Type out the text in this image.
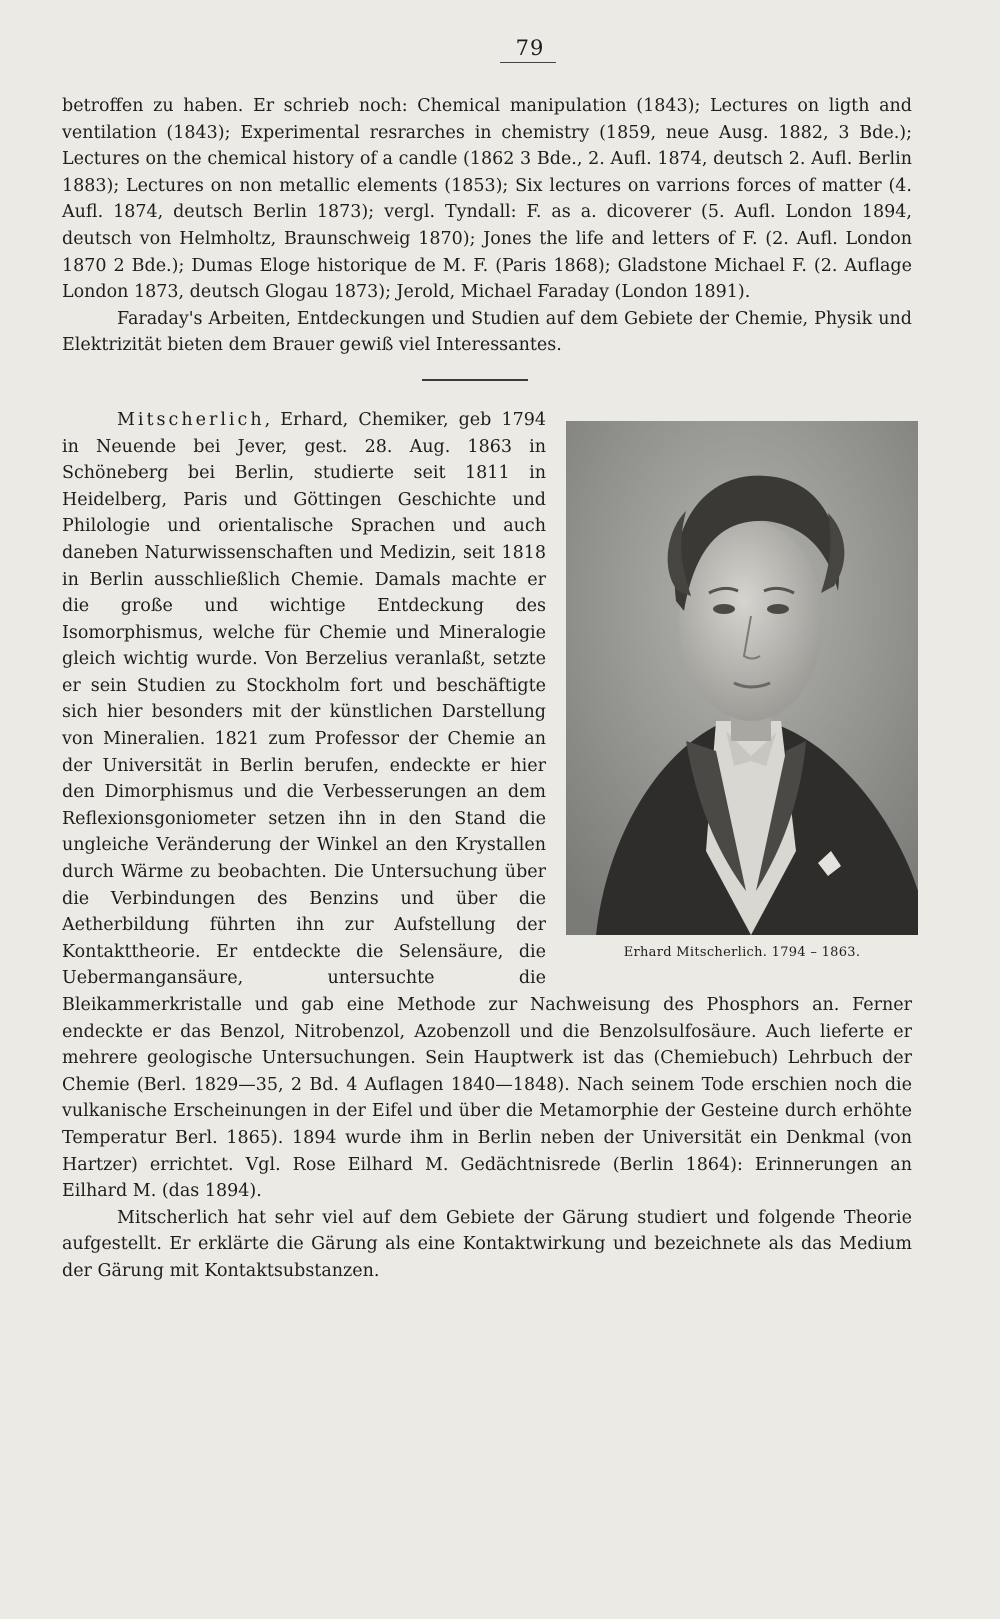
79

betroffen zu haben. Er schrieb noch: Chemical manipulation (1843); Lectures on ligth and ventilation (1843); Experimental resrarches in chemistry (1859, neue Ausg. 1882, 3 Bde.); Lectures on the chemical history of a candle (1862 3 Bde., 2. Aufl. 1874, deutsch 2. Aufl. Berlin 1883); Lectures on non metallic elements (1853); Six lectures on varrions forces of matter (4. Aufl. 1874, deutsch Berlin 1873); vergl. Tyndall: F. as a. dicoverer (5. Aufl. London 1894, deutsch von Helmholtz, Braunschweig 1870); Jones the life and letters of F. (2. Aufl. London 1870 2 Bde.); Dumas Eloge historique de M. F. (Paris 1868); Gladstone Michael F. (2. Auflage London 1873, deutsch Glogau 1873); Jerold, Michael Faraday (London 1891).

Faraday's Arbeiten, Entdeckungen und Studien auf dem Gebiete der Chemie, Physik und Elektrizität bieten dem Brauer gewiß viel Interessantes.

Erhard Mitscherlich. 1794 – 1863.

Mitscherlich, Erhard, Chemiker, geb 1794 in Neuende bei Jever, gest. 28. Aug. 1863 in Schöneberg bei Berlin, studierte seit 1811 in Heidelberg, Paris und Göttingen Geschichte und Philologie und orientalische Sprachen und auch daneben Naturwissenschaften und Medizin, seit 1818 in Berlin ausschließlich Chemie. Damals machte er die große und wichtige Entdeckung des Isomorphismus, welche für Chemie und Mineralogie gleich wichtig wurde. Von Berzelius veranlaßt, setzte er sein Studien zu Stockholm fort und beschäftigte sich hier besonders mit der künstlichen Darstellung von Mineralien. 1821 zum Professor der Chemie an der Universität in Berlin berufen, endeckte er hier den Dimorphismus und die Verbesserungen an dem Reflexionsgoniometer setzen ihn in den Stand die ungleiche Veränderung der Winkel an den Krystallen durch Wärme zu beobachten. Die Untersuchung über die Verbindungen des Benzins und über die Aetherbildung führten ihn zur Aufstellung der Kontakttheorie. Er entdeckte die Selensäure, die Uebermangansäure, untersuchte die Bleikammerkristalle und gab eine Methode zur Nachweisung des Phosphors an. Ferner endeckte er das Benzol, Nitrobenzol, Azobenzoll und die Benzolsulfosäure. Auch lieferte er mehrere geologische Untersuchungen. Sein Hauptwerk ist das (Chemiebuch) Lehrbuch der Chemie (Berl. 1829—35, 2 Bd. 4 Auflagen 1840—1848). Nach seinem Tode erschien noch die vulkanische Erscheinungen in der Eifel und über die Metamorphie der Gesteine durch erhöhte Temperatur Berl. 1865). 1894 wurde ihm in Berlin neben der Universität ein Denkmal (von Hartzer) errichtet. Vgl. Rose Eilhard M. Gedächtnisrede (Berlin 1864): Erinnerungen an Eilhard M. (das 1894).

Mitscherlich hat sehr viel auf dem Gebiete der Gärung studiert und folgende Theorie aufgestellt. Er erklärte die Gärung als eine Kontaktwirkung und bezeichnete als das Medium der Gärung mit Kontaktsubstanzen.
